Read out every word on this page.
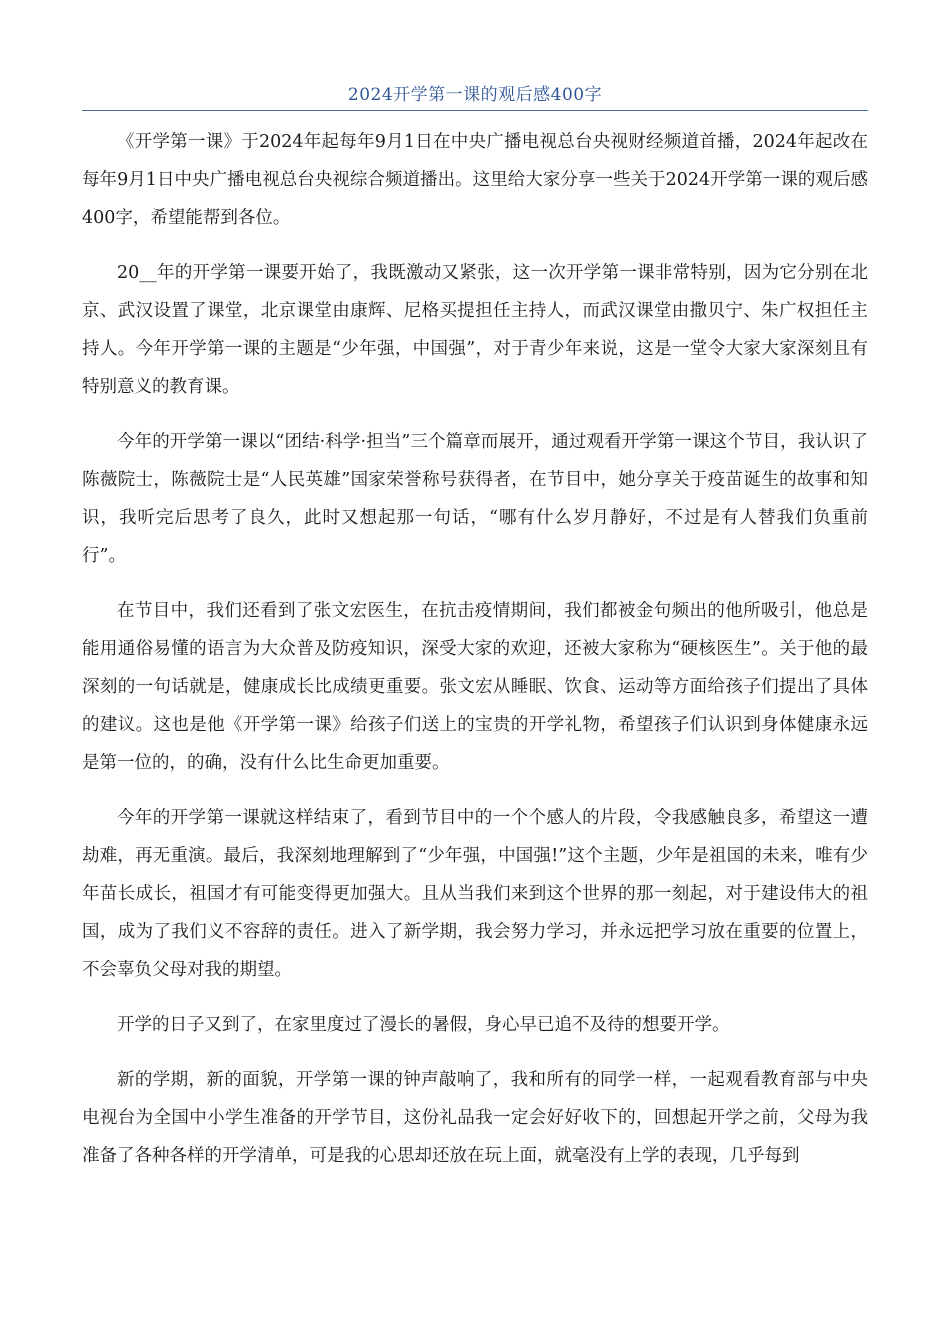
2024开学第一课的观后感400字

《开学第一课》于2024年起每年9月1日在中央广播电视总台央视财经频道首播，2024年起改在每年9月1日中央广播电视总台央视综合频道播出。这里给大家分享一些关于2024开学第一课的观后感400字，希望能帮到各位。

20__年的开学第一课要开始了，我既激动又紧张，这一次开学第一课非常特别，因为它分别在北京、武汉设置了课堂，北京课堂由康辉、尼格买提担任主持人，而武汉课堂由撒贝宁、朱广权担任主持人。今年开学第一课的主题是“少年强，中国强”，对于青少年来说，这是一堂令大家大家深刻且有特别意义的教育课。

今年的开学第一课以“团结·科学·担当”三个篇章而展开，通过观看开学第一课这个节目，我认识了陈薇院士，陈薇院士是“人民英雄”国家荣誉称号获得者，在节目中，她分享关于疫苗诞生的故事和知识，我听完后思考了良久，此时又想起那一句话，“哪有什么岁月静好，不过是有人替我们负重前行”。

在节目中，我们还看到了张文宏医生，在抗击疫情期间，我们都被金句频出的他所吸引，他总是能用通俗易懂的语言为大众普及防疫知识，深受大家的欢迎，还被大家称为“硬核医生”。关于他的最深刻的一句话就是，健康成长比成绩更重要。张文宏从睡眠、饮食、运动等方面给孩子们提出了具体的建议。这也是他《开学第一课》给孩子们送上的宝贵的开学礼物，希望孩子们认识到身体健康永远是第一位的，的确，没有什么比生命更加重要。

今年的开学第一课就这样结束了，看到节目中的一个个感人的片段，令我感触良多，希望这一遭劫难，再无重演。最后，我深刻地理解到了“少年强，中国强!”这个主题，少年是祖国的未来，唯有少年苗长成长，祖国才有可能变得更加强大。且从当我们来到这个世界的那一刻起，对于建设伟大的祖国，成为了我们义不容辞的责任。进入了新学期，我会努力学习，并永远把学习放在重要的位置上，不会辜负父母对我的期望。

开学的日子又到了，在家里度过了漫长的暑假，身心早已追不及待的想要开学。

新的学期，新的面貌，开学第一课的钟声敲响了，我和所有的同学一样，一起观看教育部与中央电视台为全国中小学生准备的开学节目，这份礼品我一定会好好收下的，回想起开学之前，父母为我准备了各种各样的开学清单，可是我的心思却还放在玩上面，就毫没有上学的表现，几乎每到
